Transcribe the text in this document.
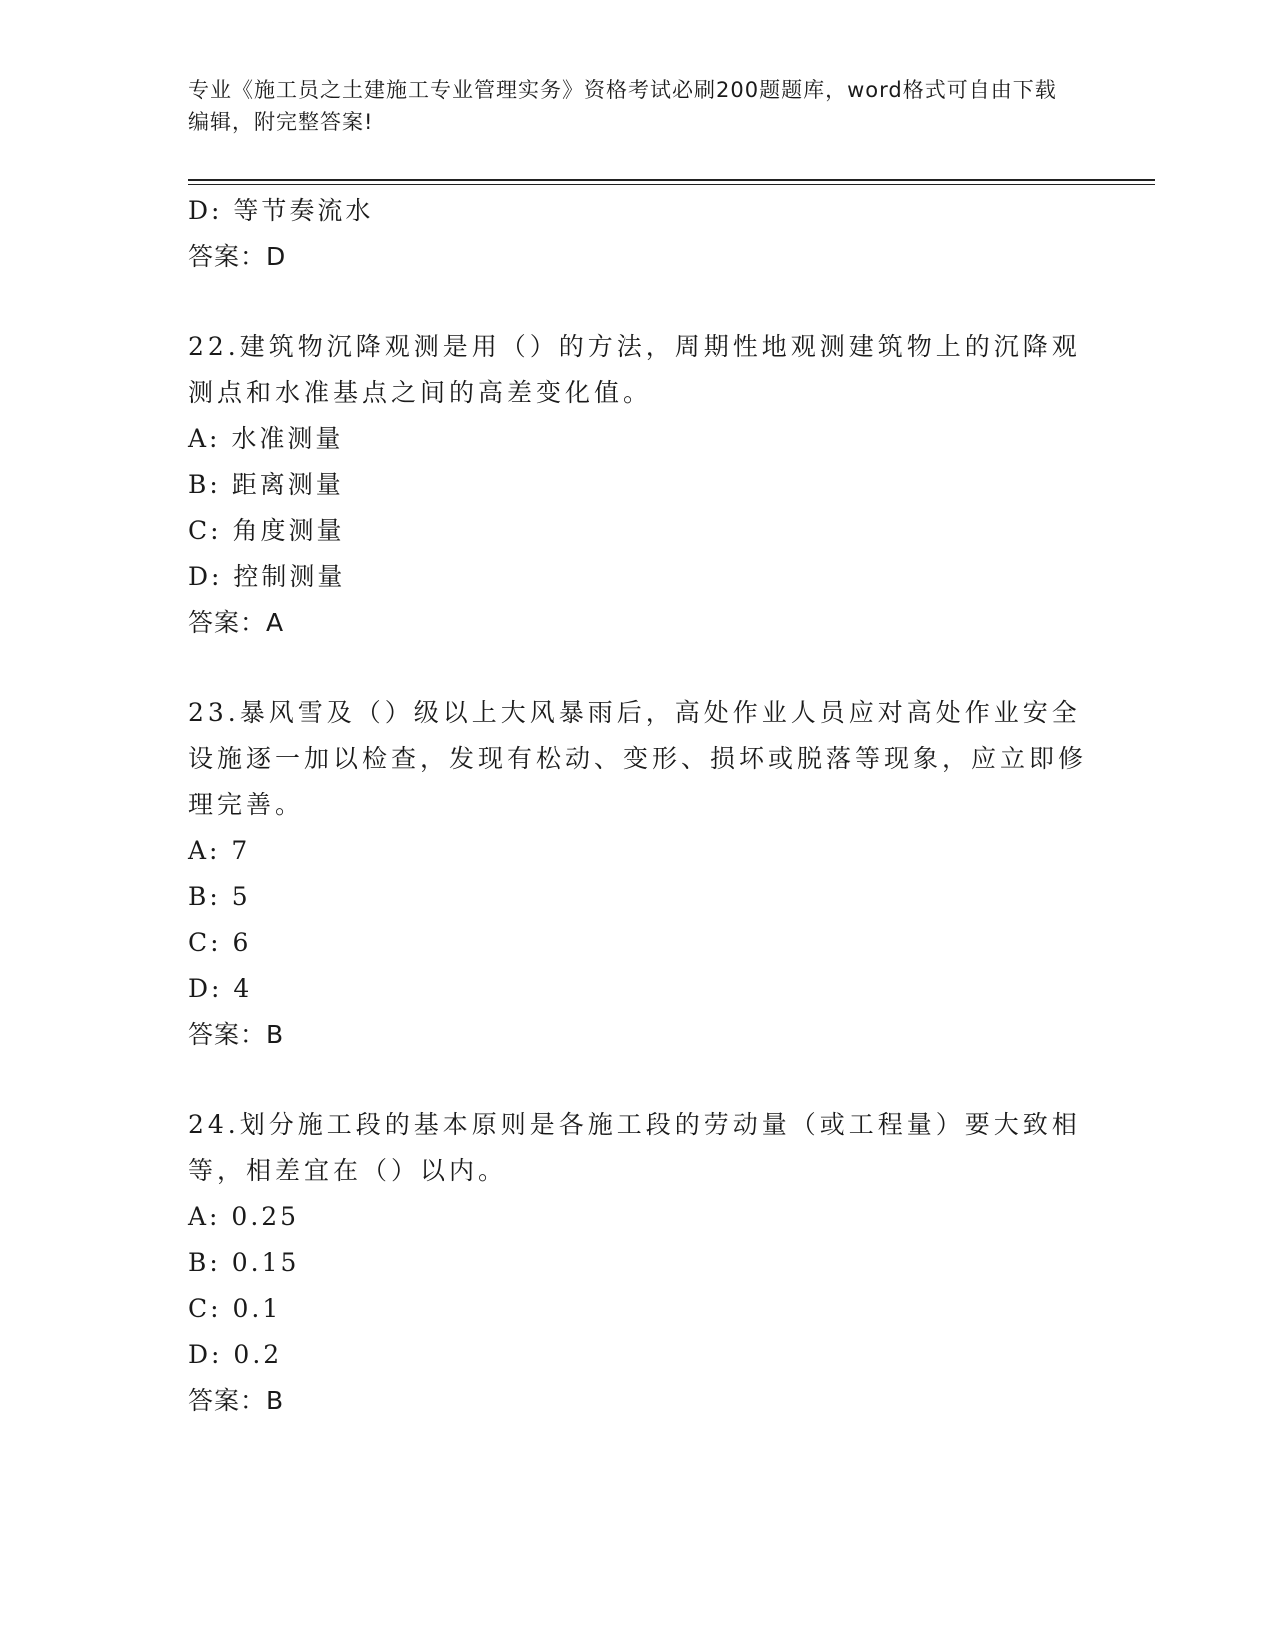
专业《施工员之土建施工专业管理实务》资格考试必刷200题题库，word格式可自由下载编辑，附完整答案!
D: 等节奏流水
答案：D
22.建筑物沉降观测是用（）的方法，周期性地观测建筑物上的沉降观测点和水准基点之间的高差变化值。
A: 水准测量
B: 距离测量
C: 角度测量
D: 控制测量
答案：A
23.暴风雪及（）级以上大风暴雨后，高处作业人员应对高处作业安全设施逐一加以检查，发现有松动、变形、损坏或脱落等现象，应立即修理完善。
A: 7
B: 5
C: 6
D: 4
答案：B
24.划分施工段的基本原则是各施工段的劳动量（或工程量）要大致相等，相差宜在（）以内。
A: 0.25
B: 0.15
C: 0.1
D: 0.2
答案：B
